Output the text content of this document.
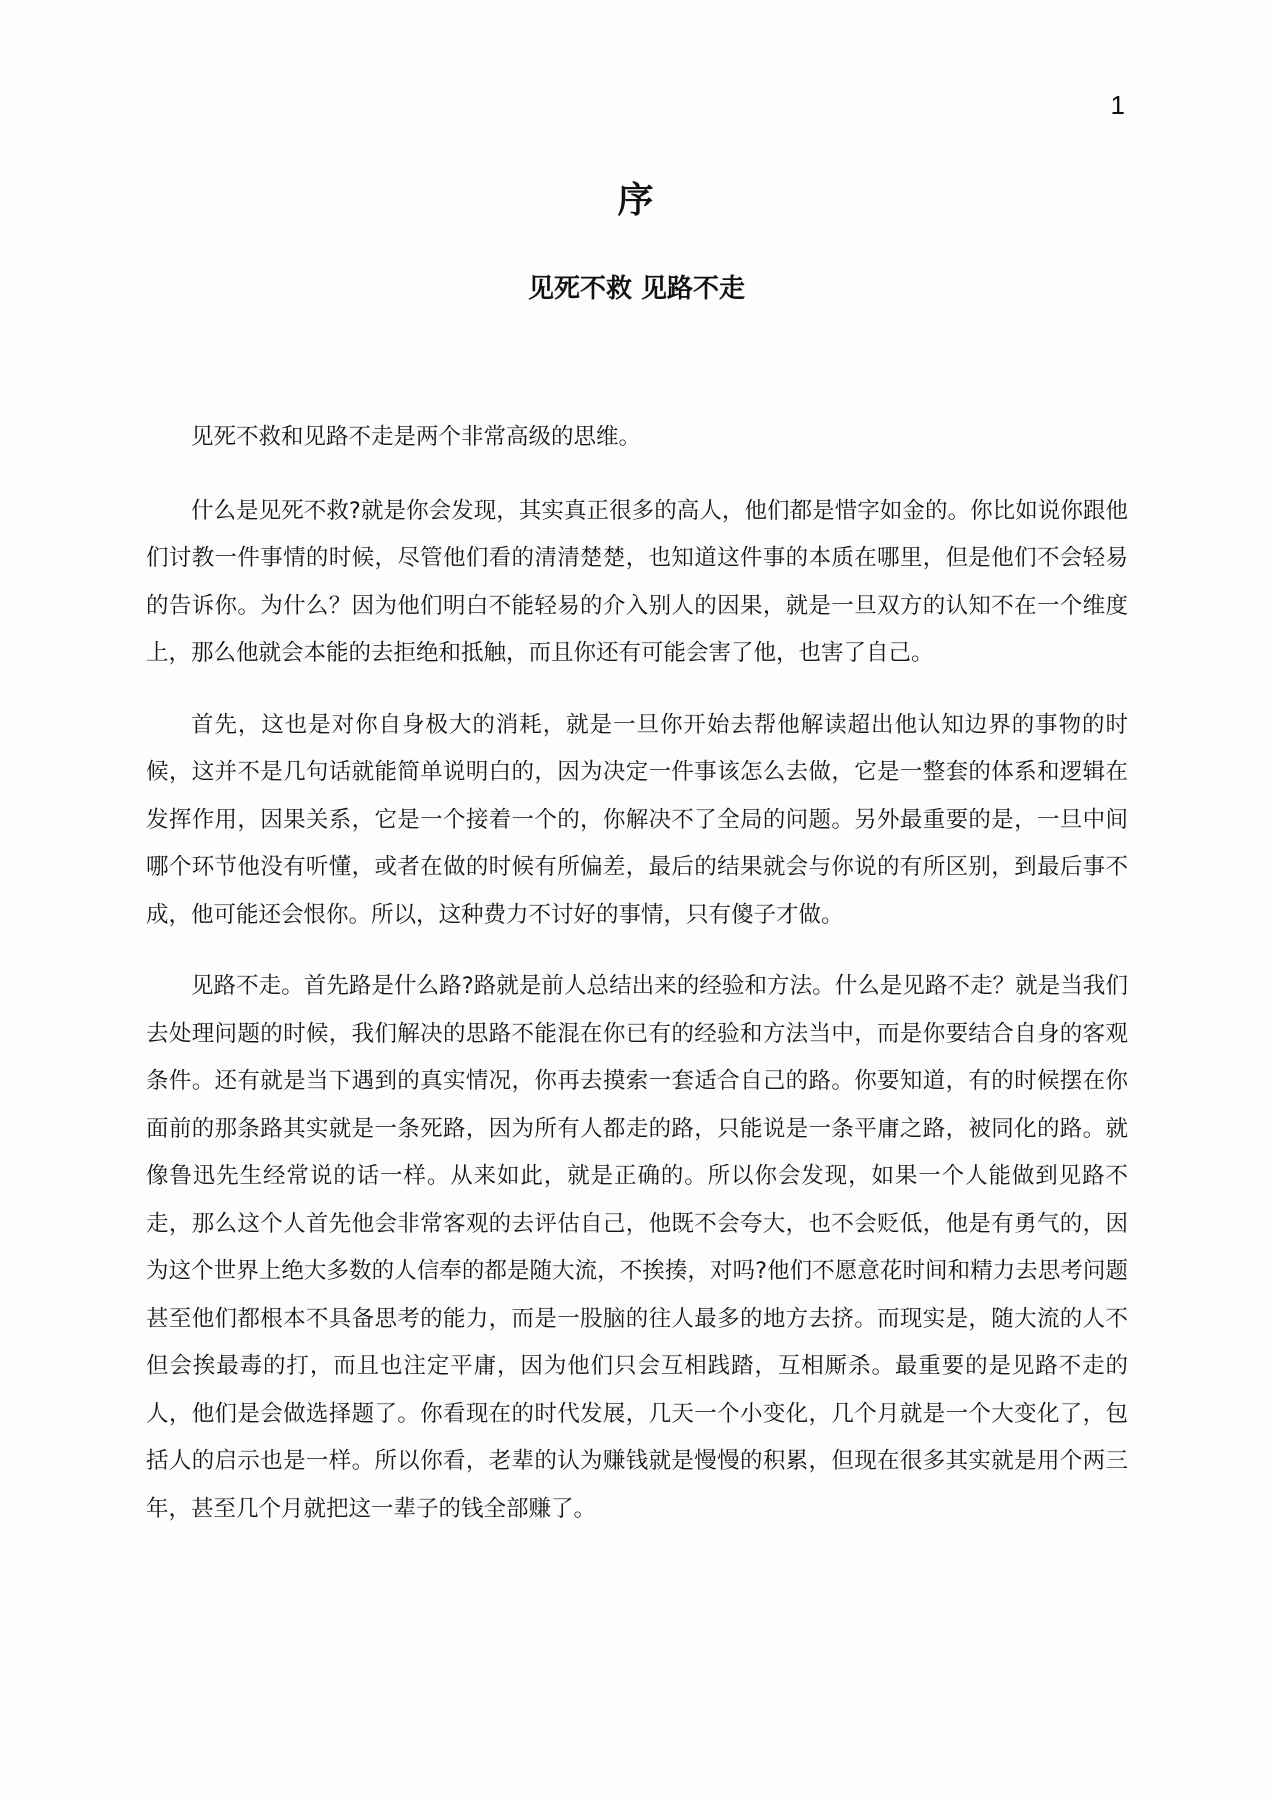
1
序
见死不救 见路不走

见死不救和见路不走是两个非常高级的思维。

什么是见死不救?就是你会发现，其实真正很多的高人，他们都是惜字如金的。你比如说你跟他们讨教一件事情的时候，尽管他们看的清清楚楚，也知道这件事的本质在哪里，但是他们不会轻易的告诉你。为什么？因为他们明白不能轻易的介入别人的因果，就是一旦双方的认知不在一个维度上，那么他就会本能的去拒绝和抵触，而且你还有可能会害了他，也害了自己。

首先，这也是对你自身极大的消耗，就是一旦你开始去帮他解读超出他认知边界的事物的时候，这并不是几句话就能简单说明白的，因为决定一件事该怎么去做，它是一整套的体系和逻辑在发挥作用，因果关系，它是一个接着一个的，你解决不了全局的问题。另外最重要的是，一旦中间哪个环节他没有听懂，或者在做的时候有所偏差，最后的结果就会与你说的有所区别，到最后事不成，他可能还会恨你。所以，这种费力不讨好的事情，只有傻子才做。

见路不走。首先路是什么路?路就是前人总结出来的经验和方法。什么是见路不走？就是当我们去处理问题的时候，我们解决的思路不能混在你已有的经验和方法当中，而是你要结合自身的客观条件。还有就是当下遇到的真实情况，你再去摸索一套适合自己的路。你要知道，有的时候摆在你面前的那条路其实就是一条死路，因为所有人都走的路，只能说是一条平庸之路，被同化的路。就像鲁迅先生经常说的话一样。从来如此，就是正确的。所以你会发现，如果一个人能做到见路不走，那么这个人首先他会非常客观的去评估自己，他既不会夸大，也不会贬低，他是有勇气的，因为这个世界上绝大多数的人信奉的都是随大流，不挨揍，对吗?他们不愿意花时间和精力去思考问题甚至他们都根本不具备思考的能力，而是一股脑的往人最多的地方去挤。而现实是，随大流的人不但会挨最毒的打，而且也注定平庸，因为他们只会互相践踏，互相厮杀。最重要的是见路不走的人，他们是会做选择题了。你看现在的时代发展，几天一个小变化，几个月就是一个大变化了，包括人的启示也是一样。所以你看，老辈的认为赚钱就是慢慢的积累，但现在很多其实就是用个两三年，甚至几个月就把这一辈子的钱全部赚了。
